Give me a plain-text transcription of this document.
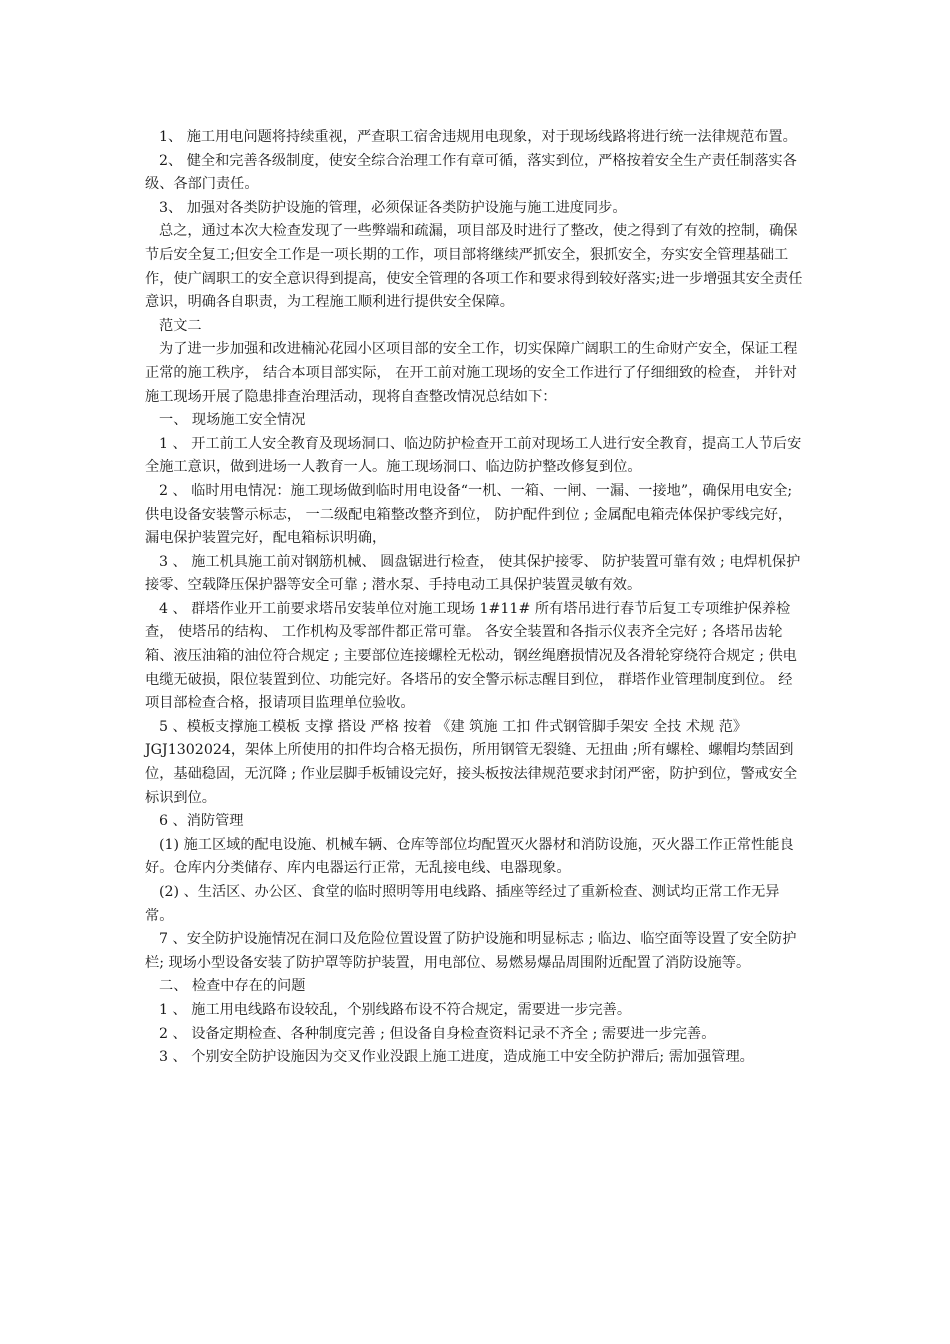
1、 施工用电问题将持续重视，严查职工宿舍违规用电现象，对于现场线路将进行统一法律规范布置。

2、 健全和完善各级制度，使安全综合治理工作有章可循，落实到位，严格按着安全生产责任制落实各级、各部门责任。

3、 加强对各类防护设施的管理，必须保证各类防护设施与施工进度同步。

总之，通过本次大检查发现了一些弊端和疏漏，项目部及时进行了整改，使之得到了有效的控制，确保节后安全复工;但安全工作是一项长期的工作，项目部将继续严抓安全，狠抓安全，夯实安全管理基础工作，使广阔职工的安全意识得到提高，使安全管理的各项工作和要求得到较好落实;进一步增强其安全责任意识，明确各自职责，为工程施工顺利进行提供安全保障。

范文二

为了进一步加强和改进楠沁花园小区项目部的安全工作，切实保障广阔职工的生命财产安全，保证工程正常的施工秩序， 结合本项目部实际， 在开工前对施工现场的安全工作进行了仔细细致的检查， 并针对施工现场开展了隐患排查治理活动，现将自查整改情况总结如下：

一、 现场施工安全情况

1 、 开工前工人安全教育及现场洞口、临边防护检查开工前对现场工人进行安全教育，提高工人节后安全施工意识，做到进场一人教育一人。施工现场洞口、临边防护整改修复到位。

2 、 临时用电情况：施工现场做到临时用电设备“一机、一箱、一闸、一漏、一接地”，确保用电安全; 供电设备安装警示标志， 一二级配电箱整改整齐到位， 防护配件到位 ; 金属配电箱壳体保护零线完好，漏电保护装置完好，配电箱标识明确，

3 、 施工机具施工前对钢筋机械、 圆盘锯进行检查， 使其保护接零、 防护装置可靠有效 ; 电焊机保护接零、空载降压保护器等安全可靠 ; 潜水泵、手持电动工具保护装置灵敏有效。

4 、 群塔作业开工前要求塔吊安装单位对施工现场 1#11# 所有塔吊进行春节后复工专项维护保养检查， 使塔吊的结构、 工作机构及零部件都正常可靠。 各安全装置和各指示仪表齐全完好 ; 各塔吊齿轮箱、液压油箱的油位符合规定 ; 主要部位连接螺栓无松动，钢丝绳磨损情况及各滑轮穿绕符合规定 ; 供电电缆无破损，限位装置到位、功能完好。各塔吊的安全警示标志醒目到位， 群塔作业管理制度到位。 经项目部检查合格，报请项目监理单位验收。

5 、模板支撑施工模板 支撑 搭设 严格 按着 《建 筑施 工扣 件式钢管脚手架安 全技 术规 范》JGJ1302024，架体上所使用的扣件均合格无损伤，所用钢管无裂缝、无扭曲 ;所有螺栓、螺帽均禁固到位，基础稳固，无沉降 ; 作业层脚手板铺设完好，接头板按法律规范要求封闭严密，防护到位，警戒安全标识到位。

6 、消防管理

(1) 施工区域的配电设施、机械车辆、仓库等部位均配置灭火器材和消防设施，灭火器工作正常性能良好。仓库内分类储存、库内电器运行正常，无乱接电线、电器现象。

(2) 、生活区、办公区、食堂的临时照明等用电线路、插座等经过了重新检查、测试均正常工作无异常。

7 、安全防护设施情况在洞口及危险位置设置了防护设施和明显标志 ; 临边、临空面等设置了安全防护栏; 现场小型设备安装了防护罩等防护装置，用电部位、易燃易爆品周围附近配置了消防设施等。

二、 检查中存在的问题

1 、 施工用电线路布设较乱，个别线路布设不符合规定，需要进一步完善。

2 、 设备定期检查、各种制度完善 ; 但设备自身检查资料记录不齐全 ; 需要进一步完善。

3 、 个别安全防护设施因为交叉作业没跟上施工进度，造成施工中安全防护滞后; 需加强管理。
